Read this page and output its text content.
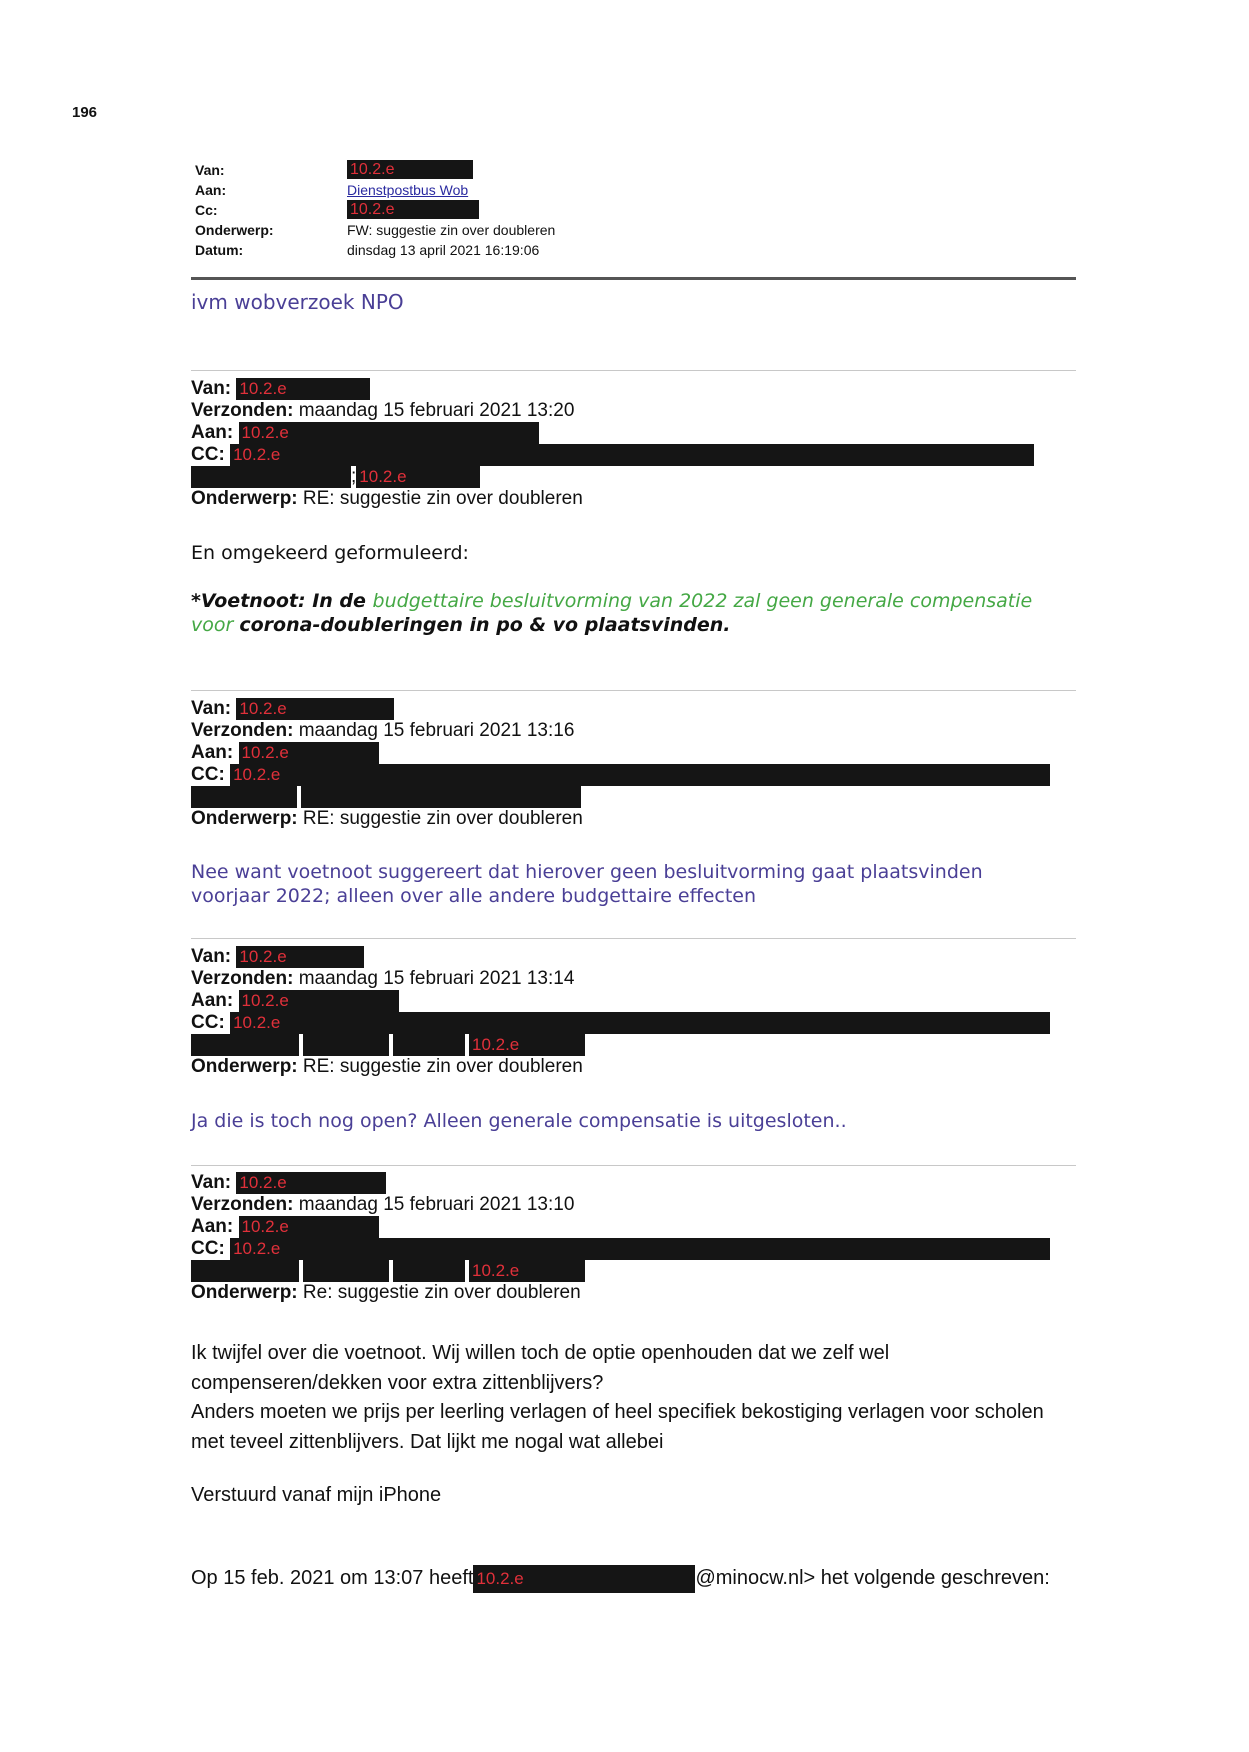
196
Van:
Aan:
Cc:
Onderwerp:
Datum:
10.2.e
Dienstpostbus Wob
10.2.e
FW: suggestie zin over doubleren
dinsdag 13 april 2021 16:19:06
ivm wobverzoek NPO
Van: 10.2.e
Verzonden: maandag 15 februari 2021 13:20
Aan: 10.2.e
CC: 10.2.e
; 10.2.e
Onderwerp: RE: suggestie zin over doubleren
En omgekeerd geformuleerd:
*Voetnoot: In de budgettaire besluitvorming van 2022 zal geen generale compensatie
voor corona-doubleringen in po & vo plaatsvinden.
Van: 10.2.e
Verzonden: maandag 15 februari 2021 13:16
Aan: 10.2.e
CC: 10.2.e
Onderwerp: RE: suggestie zin over doubleren
Nee want voetnoot suggereert dat hierover geen besluitvorming gaat plaatsvinden
voorjaar 2022; alleen over alle andere budgettaire effecten
Van: 10.2.e
Verzonden: maandag 15 februari 2021 13:14
Aan: 10.2.e
CC: 10.2.e
10.2.e
Onderwerp: RE: suggestie zin over doubleren
Ja die is toch nog open? Alleen generale compensatie is uitgesloten..
Van: 10.2.e
Verzonden: maandag 15 februari 2021 13:10
Aan: 10.2.e
CC: 10.2.e
10.2.e
Onderwerp: Re: suggestie zin over doubleren
Ik twijfel over die voetnoot. Wij willen toch de optie openhouden dat we zelf wel
compenseren/dekken voor extra zittenblijvers?
Anders moeten we prijs per leerling verlagen of heel specifiek bekostiging verlagen voor scholen
met teveel zittenblijvers. Dat lijkt me nogal wat allebei
Verstuurd vanaf mijn iPhone
Op 15 feb. 2021 om 13:07 heeft 10.2.e	@minocw.nl> het volgende geschreven:
